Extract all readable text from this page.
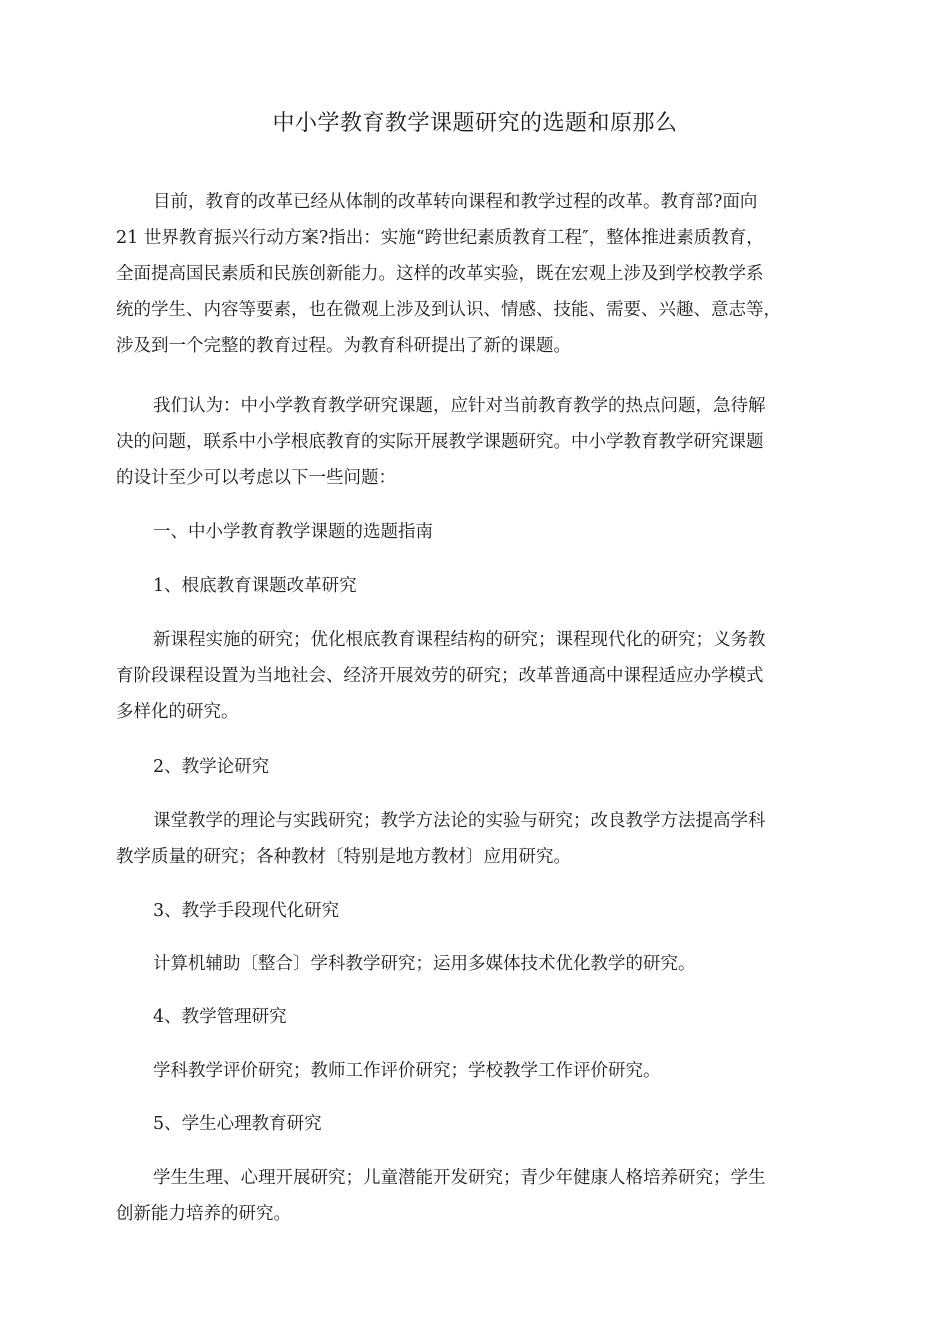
中小学教育教学课题研究的选题和原那么

目前，教育的改革已经从体制的改革转向课程和教学过程的改革。教育部?面向
21 世界教育振兴行动方案?指出：实施“跨世纪素质教育工程″，整体推进素质教育，
全面提高国民素质和民族创新能力。这样的改革实验，既在宏观上涉及到学校教学系
统的学生、内容等要素，也在微观上涉及到认识、情感、技能、需要、兴趣、意志等，
涉及到一个完整的教育过程。为教育科研提出了新的课题。

我们认为：中小学教育教学研究课题，应针对当前教育教学的热点问题，急待解
决的问题，联系中小学根底教育的实际开展教学课题研究。中小学教育教学研究课题
的设计至少可以考虑以下一些问题：

一、中小学教育教学课题的选题指南

1、根底教育课题改革研究

新课程实施的研究；优化根底教育课程结构的研究；课程现代化的研究；义务教
育阶段课程设置为当地社会、经济开展效劳的研究；改革普通高中课程适应办学模式
多样化的研究。

2、教学论研究

课堂教学的理论与实践研究；教学方法论的实验与研究；改良教学方法提高学科
教学质量的研究；各种教材〔特别是地方教材〕应用研究。

3、教学手段现代化研究

计算机辅助〔整合〕学科教学研究；运用多媒体技术优化教学的研究。

4、教学管理研究

学科教学评价研究；教师工作评价研究；学校教学工作评价研究。

5、学生心理教育研究

学生生理、心理开展研究；儿童潜能开发研究；青少年健康人格培养研究；学生
创新能力培养的研究。
